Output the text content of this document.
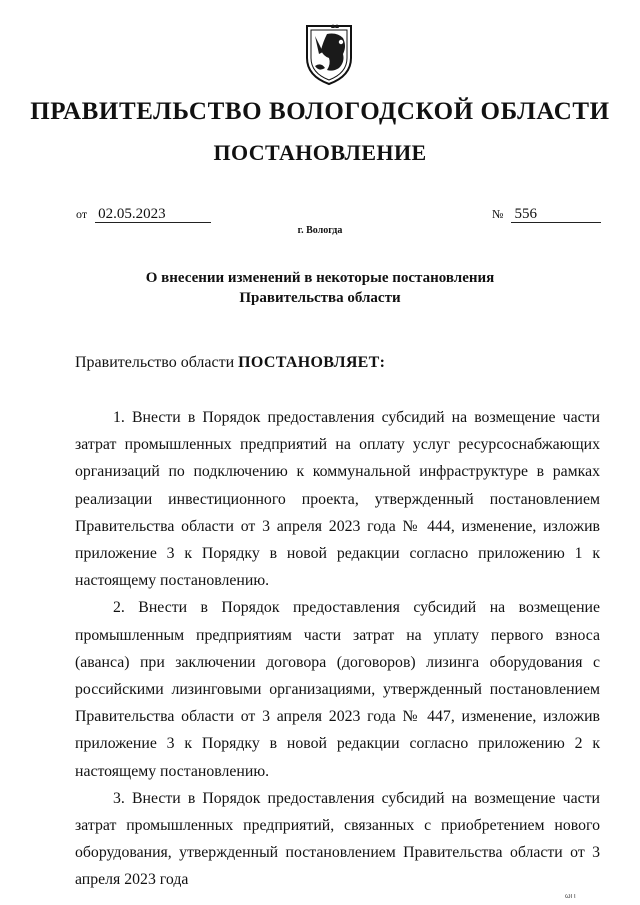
ПРАВИТЕЛЬСТВО ВОЛОГОДСКОЙ ОБЛАСТИ
ПОСТАНОВЛЕНИЕ
от 02.05.2023	№ 556
г. Вологда
О внесении изменений в некоторые постановления
Правительства области
Правительство области ПОСТАНОВЛЯЕТ:

1. Внести в Порядок предоставления субсидий на возмещение части затрат промышленных предприятий на оплату услуг ресурсоснабжающих организаций по подключению к коммунальной инфраструктуре в рамках реализации инвестиционного проекта, утвержденный постановлением Правительства области от 3 апреля 2023 года № 444, изменение, изложив приложение 3 к Порядку в новой редакции согласно приложению 1 к настоящему постановлению.

2. Внести в Порядок предоставления субсидий на возмещение промышленным предприятиям части затрат на уплату первого взноса (аванса) при заключении договора (договоров) лизинга оборудования с российскими лизинговыми организациями, утвержденный постановлением Правительства области от 3 апреля 2023 года № 447, изменение, изложив приложение 3 к Порядку в новой редакции согласно приложению 2 к настоящему постановлению.

3. Внести в Порядок предоставления субсидий на возмещение части затрат промышленных предприятий, связанных с приобретением нового оборудования, утвержденный постановлением Правительства области от 3 апреля 2023 года

ωι ι
